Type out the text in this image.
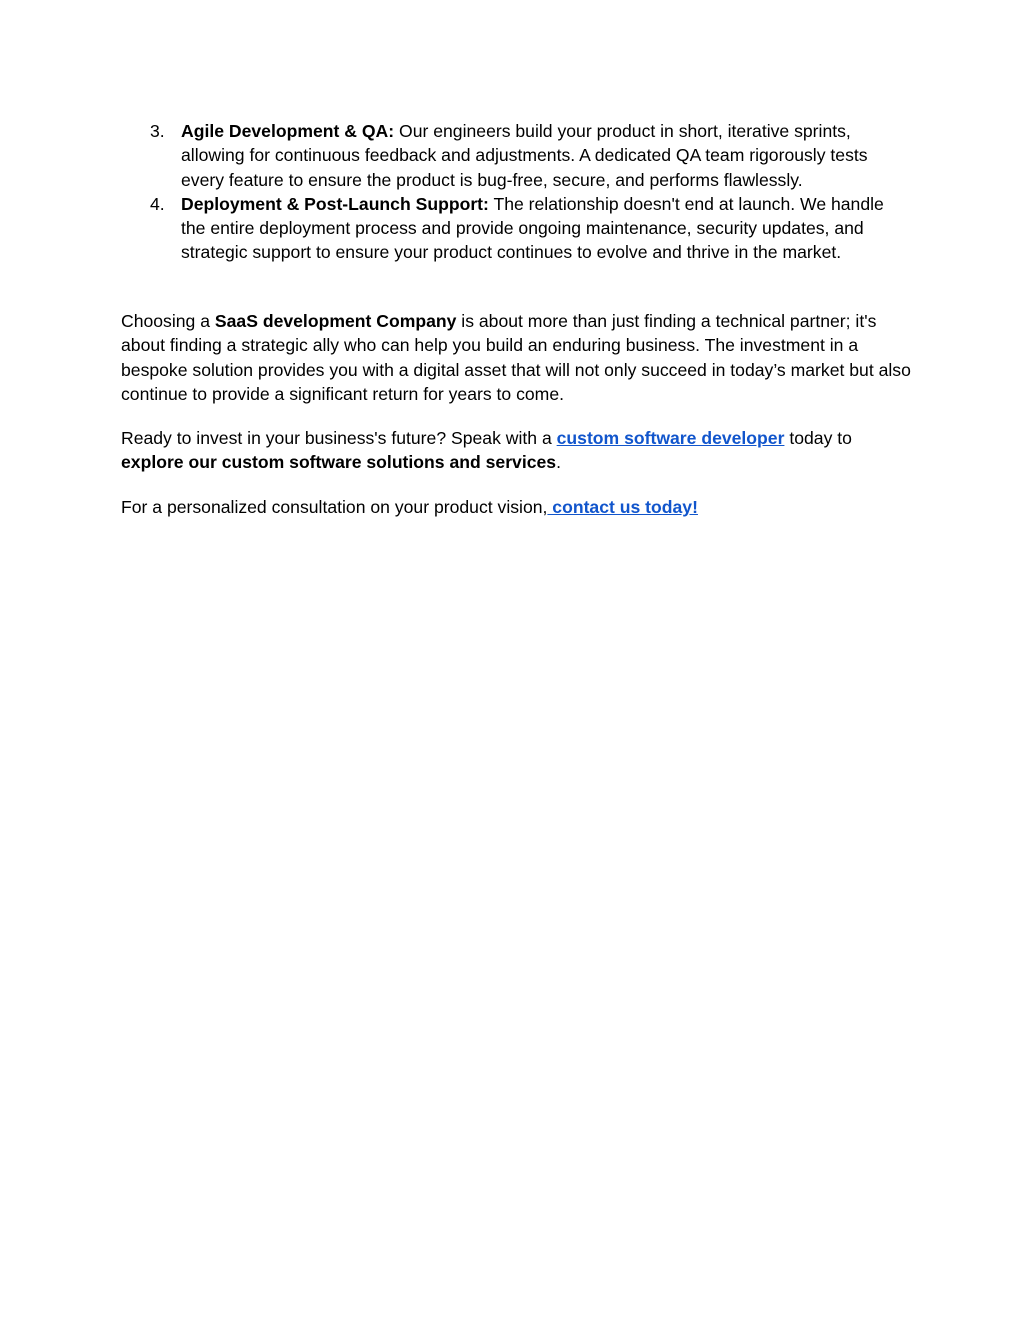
3. Agile Development & QA: Our engineers build your product in short, iterative sprints, allowing for continuous feedback and adjustments. A dedicated QA team rigorously tests every feature to ensure the product is bug-free, secure, and performs flawlessly.
4. Deployment & Post-Launch Support: The relationship doesn't end at launch. We handle the entire deployment process and provide ongoing maintenance, security updates, and strategic support to ensure your product continues to evolve and thrive in the market.

Choosing a SaaS development Company is about more than just finding a technical partner; it's about finding a strategic ally who can help you build an enduring business. The investment in a bespoke solution provides you with a digital asset that will not only succeed in today’s market but also continue to provide a significant return for years to come.

Ready to invest in your business's future? Speak with a custom software developer today to explore our custom software solutions and services.

For a personalized consultation on your product vision, contact us today!
